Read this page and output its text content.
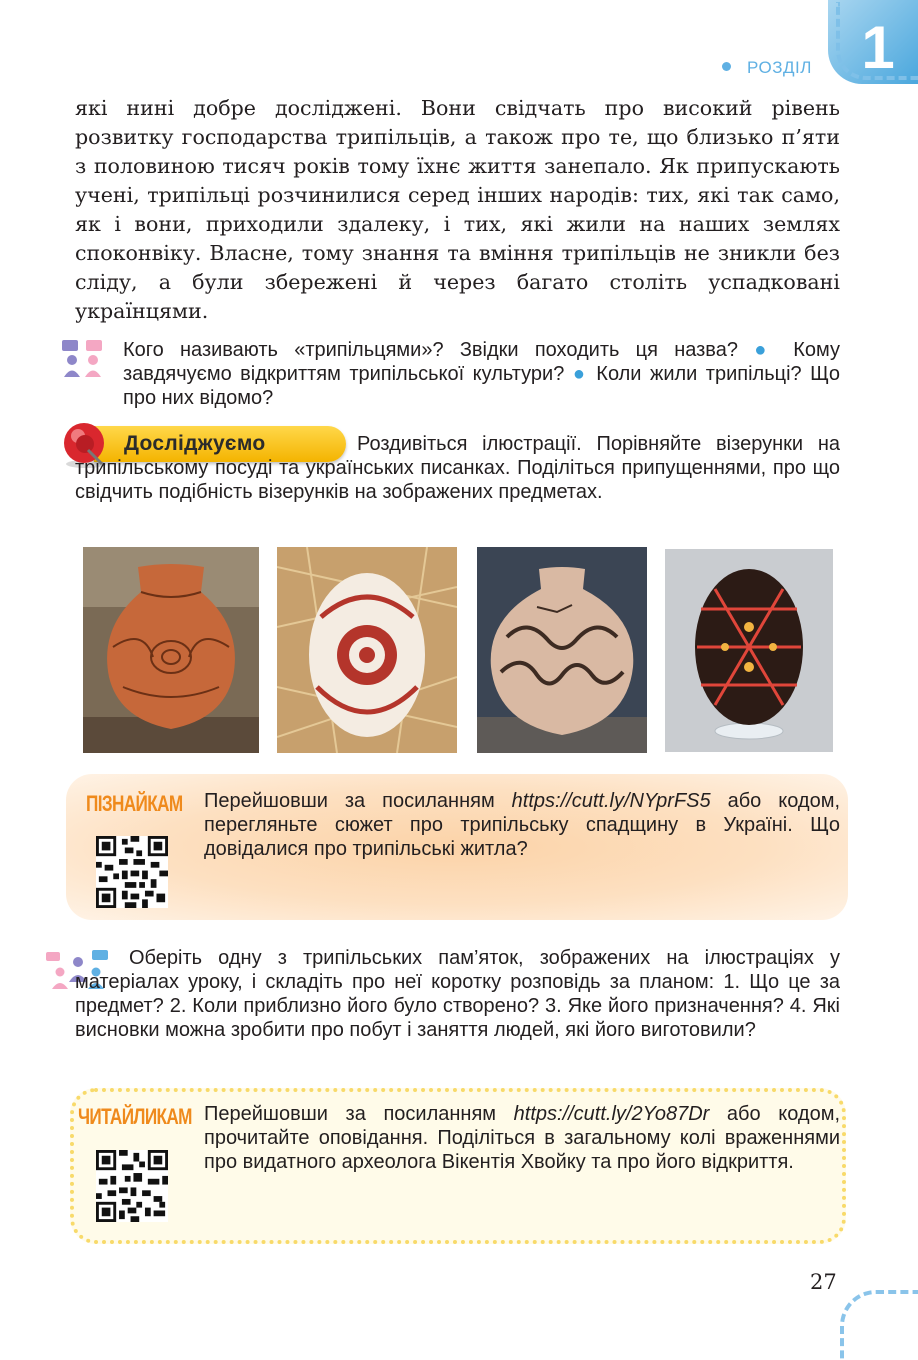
1
РОЗДІЛ

які нині добре досліджені. Вони свідчать про високий рівень розвитку господарства трипільців, а також про те, що близько п’яти з половиною тисяч років тому їхнє життя занепало. Як припускають учені, трипільці розчинилися серед інших народів: тих, які так само, як і вони, приходили здалеку, і тих, які жили на наших землях споконвіку. Власне, тому знання та вміння трипільців не зникли без сліду, а були збережені й через багато століть успадковані українцями.

Кого називають «трипільцями»? Звідки походить ця назва? ● Кому завдячуємо відкриттям трипільської культури? ● Коли жили трипільці? Що про них відомо?

Досліджуємо	Роздивіться ілюстрації. Порівняйте візерунки на трипільському посуді та українських писанках. Поділіться припущеннями, про що свідчить подібність візерунків на зображених предметах.

ПІЗНАЙКАМ Перейшовши за посиланням https://cutt.ly/NYprFS5 або кодом, перегляньте сюжет про трипільську спадщину в Україні. Що довідалися про трипільські житла?

Оберіть одну з трипільських пам’яток, зображених на ілюстраціях у матеріалах уроку, і складіть про неї коротку розповідь за планом: 1. Що це за предмет? 2. Коли приблизно його було створено? 3. Яке його призначення? 4. Які висновки можна зробити про побут і заняття людей, які його виготовили?

ЧИТАЙЛИКАМ Перейшовши за посиланням https://cutt.ly/2Yo87Dr або кодом, прочитайте оповідання. Поділіться в загальному колі враженнями про видатного археолога Вікентія Хвойку та про його відкриття.

27
